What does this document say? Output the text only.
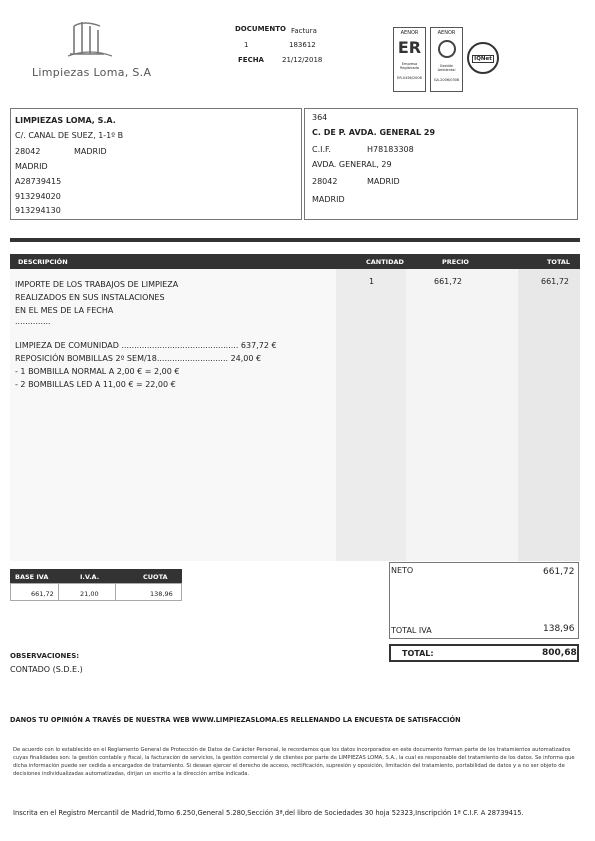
Limpiezas Loma, S.A
DOCUMENTO Factura
1	183612
FECHA	21/12/2018
AENOR
ER
Empresa Registrada
ER-0456/2006
AENOR
Gestión Ambiental
GA-2006/0308
IQNet
LIMPIEZAS LOMA, S.A.
C/. CANAL DE SUEZ, 1-1º B
28042	MADRID
MADRID
A28739415
913294020
913294130
364
C. DE P. AVDA. GENERAL 29
C.I.F.	H78183308
AVDA. GENERAL, 29
28042	MADRID
MADRID
DESCRIPCIÓN	CANTIDAD	PRECIO	TOTAL
IMPORTE DE LOS TRABAJOS DE LIMPIEZA
REALIZADOS EN SUS INSTALACIONES
EN EL MES DE LA FECHA
..............
LIMPIEZA DE COMUNIDAD .............................................. 637,72 €
REPOSICIÓN BOMBILLAS 2º SEM/18............................ 24,00 €
- 1 BOMBILLA NORMAL A 2,00 € = 2,00 €
- 2 BOMBILLAS LED A 11,00 € = 22,00 €
1	661,72	661,72
BASE IVA	I.V.A.	CUOTA
661,72	21,00	138,96
NETO	661,72
TOTAL IVA	138,96
TOTAL:	800,68
OBSERVACIONES:
CONTADO (S.D.E.)
DANOS TU OPINIÓN A TRAVÉS DE NUESTRA WEB WWW.LIMPIEZASLOMA.ES RELLENANDO LA ENCUESTA DE SATISFACCIÓN
De acuerdo con lo establecido en el Reglamento General de Protección de Datos de Carácter Personal, le recordamos que los datos incorporados en este documento forman parte de los tratamientos automatizados cuyas finalidades son: la gestión contable y fiscal, la facturación de servicios, la gestión comercial y de clientes por parte de LIMPIEZAS LOMA, S.A., la cual es responsable del tratamiento de los datos. Se informa que dicha información puede ser cedida a encargados de tratamiento. Si desean ejercer el derecho de acceso, rectificación, supresión y oposición, limitación del tratamiento, portabilidad de datos y a no ser objeto de decisiones individualizadas automatizadas, dirijan un escrito a la dirección arriba indicada.
Inscrita en el Registro Mercantil de Madrid,Tomo 6.250,General 5.280,Sección 3ª,del libro de Sociedades 30 hoja 52323,Inscripción 1ª C.I.F. A 28739415.
